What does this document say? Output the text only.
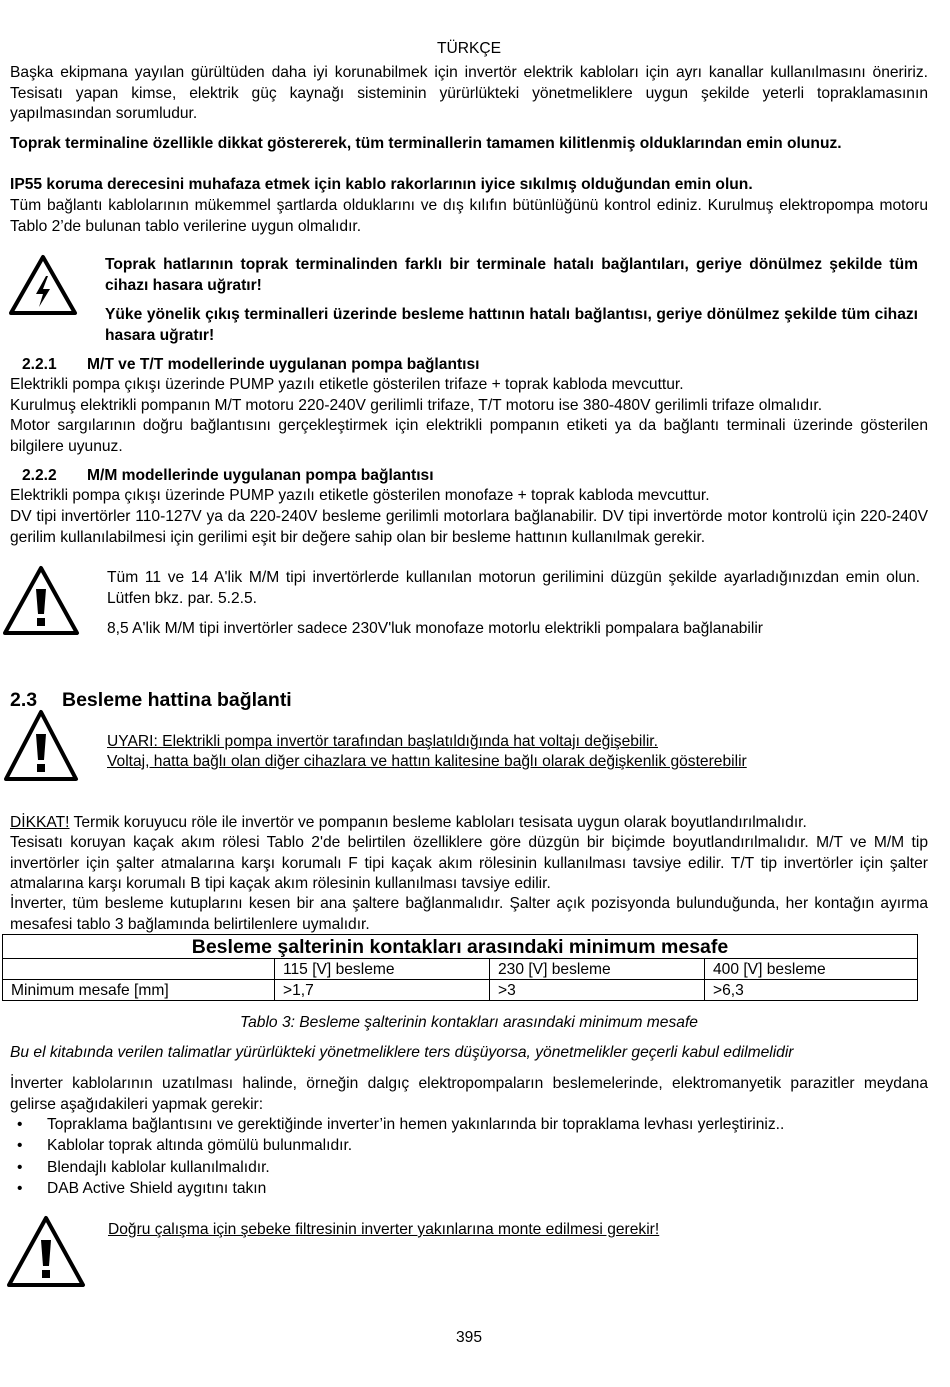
TÜRKÇE

Başka ekipmana yayılan gürültüden daha iyi korunabilmek için invertör elektrik kabloları için ayrı kanallar kullanılmasını öneririz. Tesisatı yapan kimse, elektrik güç kaynağı sisteminin yürürlükteki yönetmeliklere uygun şekilde yeterli topraklamasının yapılmasından sorumludur.

Toprak terminaline özellikle dikkat göstererek, tüm terminallerin tamamen kilitlenmiş olduklarından emin olunuz.

IP55 koruma derecesini muhafaza etmek için kablo rakorlarının iyice sıkılmış olduğundan emin olun.

Tüm bağlantı kablolarının mükemmel şartlarda olduklarını ve dış kılıfın bütünlüğünü kontrol ediniz. Kurulmuş elektropompa motoru Tablo 2’de bulunan tablo verilerine uygun olmalıdır.

Toprak hatlarının toprak terminalinden farklı bir terminale hatalı bağlantıları, geriye dönülmez şekilde tüm cihazı hasara uğratır!

Yüke yönelik çıkış terminalleri üzerinde besleme hattının hatalı bağlantısı, geriye dönülmez şekilde tüm cihazı hasara uğratır!

2.2.1 M/T ve T/T modellerinde uygulanan pompa bağlantısı

Elektrikli pompa çıkışı üzerinde PUMP yazılı etiketle gösterilen trifaze + toprak kabloda mevcuttur.

Kurulmuş elektrikli pompanın M/T motoru 220-240V gerilimli trifaze, T/T motoru ise 380-480V gerilimli trifaze olmalıdır.

Motor sargılarının doğru bağlantısını gerçekleştirmek için elektrikli pompanın etiketi ya da bağlantı terminali üzerinde gösterilen bilgilere uyunuz.

2.2.2 M/M modellerinde uygulanan pompa bağlantısı

Elektrikli pompa çıkışı üzerinde PUMP yazılı etiketle gösterilen monofaze + toprak kabloda mevcuttur.

DV tipi invertörler 110-127V ya da 220-240V besleme gerilimli motorlara bağlanabilir. DV tipi invertörde motor kontrolü için 220-240V gerilim kullanılabilmesi için gerilimi eşit bir değere sahip olan bir besleme hattının kullanılmak gerekir.

Tüm 11 ve 14 A'lik M/M tipi invertörlerde kullanılan motorun gerilimini düzgün şekilde ayarladığınızdan emin olun. Lütfen bkz. par. 5.2.5.

8,5 A'lik M/M tipi invertörler sadece 230V'luk monofaze motorlu elektrikli pompalara bağlanabilir

2.3 Besleme hattina bağlanti

UYARI: Elektrikli pompa invertör tarafından başlatıldığında hat voltajı değişebilir.

Voltaj, hatta bağlı olan diğer cihazlara ve hattın kalitesine bağlı olarak değişkenlik gösterebilir

DİKKAT! Termik koruyucu röle ile invertör ve pompanın besleme kabloları tesisata uygun olarak boyutlandırılmalıdır.

Tesisatı koruyan kaçak akım rölesi Tablo 2'de belirtilen özelliklere göre düzgün bir biçimde boyutlandırılmalıdır. M/T ve M/M tip invertörler için şalter atmalarına karşı korumalı F tipi kaçak akım rölesinin kullanılması tavsiye edilir. T/T tip invertörler için şalter atmalarına karşı korumalı B tipi kaçak akım rölesinin kullanılması tavsiye edilir.

İnverter, tüm besleme kutuplarını kesen bir ana şaltere bağlanmalıdır. Şalter açık pozisyonda bulunduğunda, her kontağın ayırma mesafesi tablo 3 bağlamında belirtilenlere uymalıdır.

Besleme şalterinin kontakları arasındaki minimum mesafe			
	115 [V] besleme	230 [V] besleme	400 [V] besleme
Minimum mesafe [mm]	>1,7	>3	>6,3
Tablo 3: Besleme şalterinin kontakları arasındaki minimum mesafe

Bu el kitabında verilen talimatlar yürürlükteki yönetmeliklere ters düşüyorsa, yönetmelikler geçerli kabul edilmelidir

İnverter kablolarının uzatılması halinde, örneğin dalgıç elektropompaların beslemelerinde, elektromanyetik parazitler meydana gelirse aşağıdakileri yapmak gerekir:

• Topraklama bağlantısını ve gerektiğinde inverter’in hemen yakınlarında bir topraklama levhası yerleştiriniz..
• Kablolar toprak altında gömülü bulunmalıdır.
• Blendajlı kablolar kullanılmalıdır.
• DAB Active Shield aygıtını takın

Doğru çalışma için şebeke filtresinin inverter yakınlarına monte edilmesi gerekir!

395
